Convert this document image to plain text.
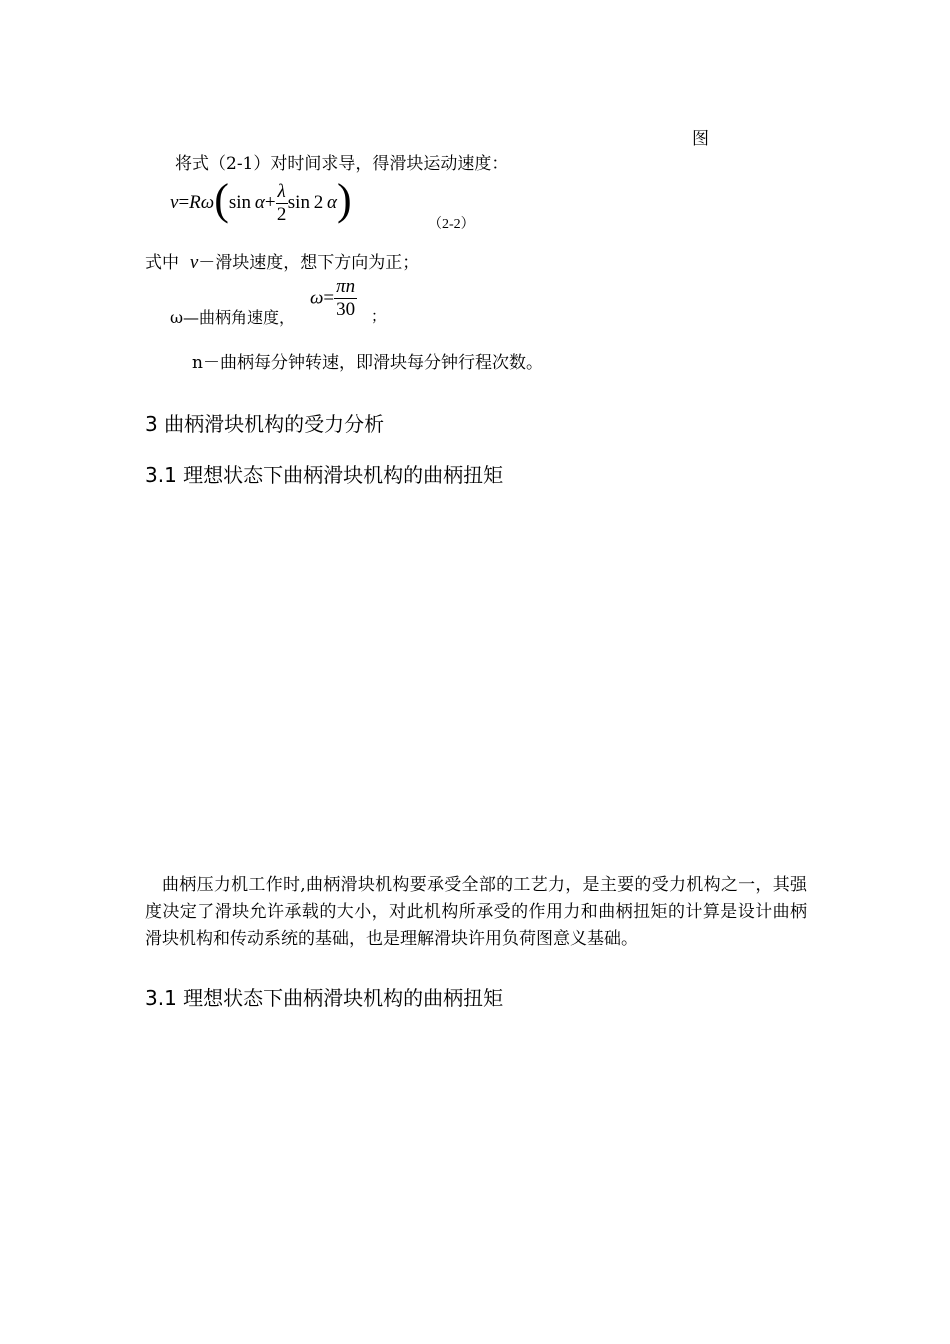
图
将式（2-1）对时间求导，得滑块运动速度：
v=Rω(sin  $\alpha+ \frac{\lambda}{2}$ sin  2  α)
（2-2）
式中 v－滑块速度，想下方向为正；
ω—曲柄角速度，
$\omega= \frac{\pi n}{30}$ ；
n－曲柄每分钟转速，即滑块每分钟行程次数。
3 曲柄滑块机构的受力分析
3.1 理想状态下曲柄滑块机构的曲柄扭矩
曲柄压力机工作时,曲柄滑块机构要承受全部的工艺力，是主要的受力机构之一，其强度决定了滑块允许承载的大小，对此机构所承受的作用力和曲柄扭矩的计算是设计曲柄滑块机构和传动系统的基础，也是理解滑块许用负荷图意义基础。
3.1 理想状态下曲柄滑块机构的曲柄扭矩
